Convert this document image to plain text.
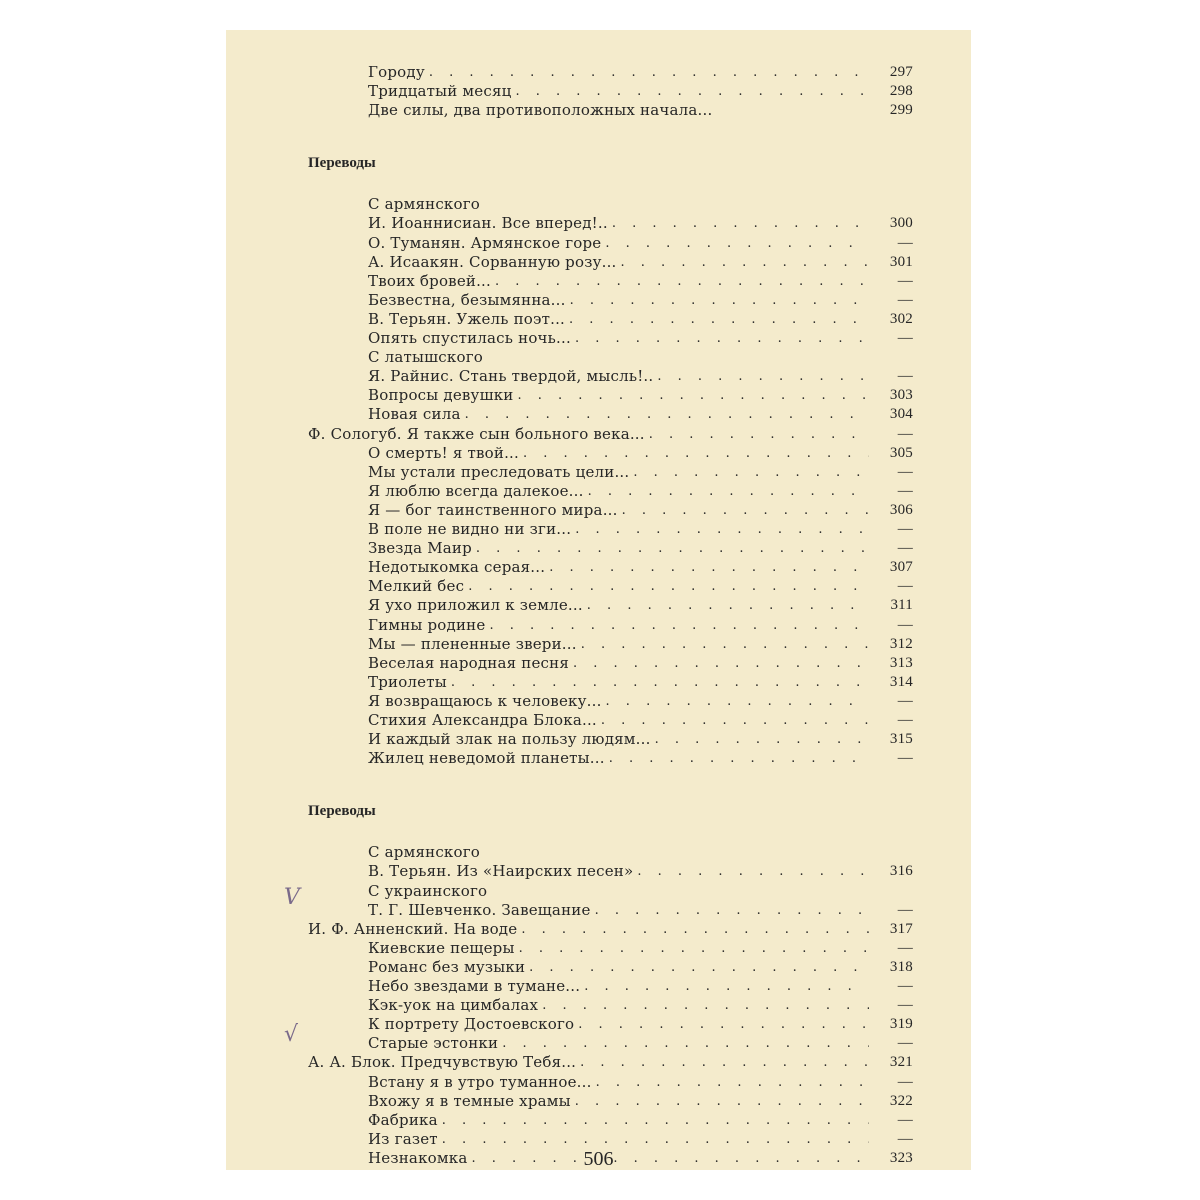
Городу . . .	297
Тридцатый месяц . . .	298
Две силы, два противоположных начала...	299
Переводы
С армянского
И. Иоаннисиан. Все вперед!.. . . .	300
О. Туманян. Армянское горе . . .	—
А. Исаакян. Сорванную розу... . . .	301
Твоих бровей... . . .	—
Безвестна, безымянна... . . .	—
В. Терьян. Ужель поэт... . . .	302
Опять спустилась ночь... . . .	—
С латышского
Я. Райнис. Стань твердой, мысль!.. . . .	—
Вопросы девушки . . .	303
Новая сила . . .	304
Ф. Сологуб. Я также сын больного века... . . .	—
О смерть! я твой... . . .	305
Мы устали преследовать цели... . . .	—
Я люблю всегда далекое... . . .	—
Я — бог таинственного мира... . . .	306
В поле не видно ни зги... . . .	—
Звезда Маир . . .	—
Недотыкомка серая... . . .	307
Мелкий бес . . .	—
Я ухо приложил к земле... . . .	311
Гимны родине . . .	—
Мы — плененные звери... . . .	312
Веселая народная песня . . .	313
Триолеты . . .	314
Я возвращаюсь к человеку... . . .	—
Стихия Александра Блока... . . .	—
И каждый злак на пользу людям... . . .	315
Жилец неведомой планеты... . . .	—
Переводы
С армянского
В. Терьян. Из «Наирских песен» . . .	316
С украинского
Т. Г. Шевченко. Завещание . . .	—
И. Ф. Анненский. На воде . . .	317
Киевские пещеры . . .	—
Романс без музыки . . .	318
Небо звездами в тумане... . . .	—
Кэк-уок на цимбалах . . .	—
К портрету Достоевского . . .	319
Старые эстонки . . .	—
А. А. Блок. Предчувствую Тебя... . . .	321
Встану я в утро туманное... . . .	—
Вхожу я в темные храмы . . .	322
Фабрика . . .	—
Из газет . . .	—
Незнакомка . . .	323
V
√
506
